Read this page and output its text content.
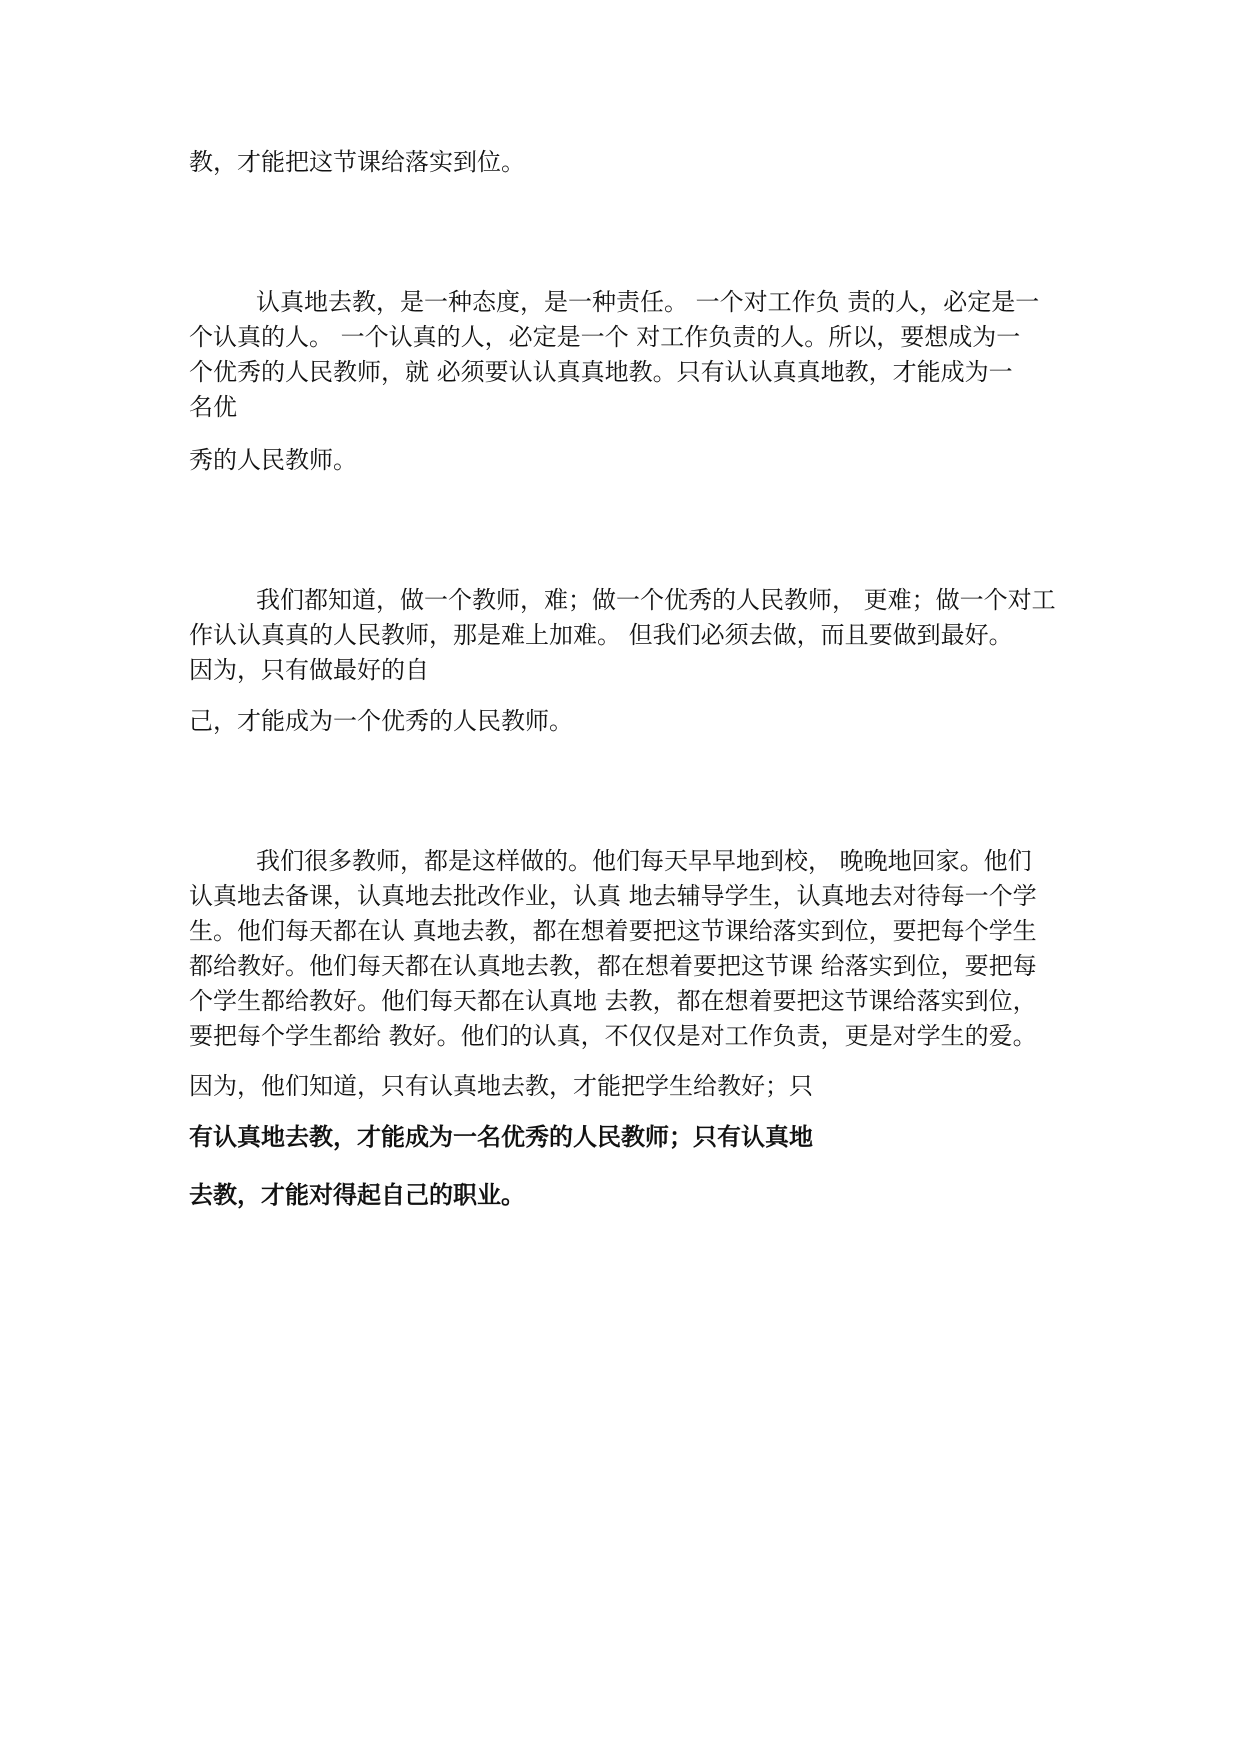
教，才能把这节课给落实到位。
认真地去教，是一种态度，是一种责任。 一个对工作负 责的人，必定是一
个认真的人。 一个认真的人，必定是一个 对工作负责的人。所以，要想成为一
个优秀的人民教师，就 必须要认认真真地教。只有认认真真地教，才能成为一
名优
秀的人民教师。
我们都知道，做一个教师，难；做一个优秀的人民教师， 更难；做一个对工
作认认真真的人民教师，那是难上加难。 但我们必须去做，而且要做到最好。
因为，只有做最好的自
己，才能成为一个优秀的人民教师。
我们很多教师，都是这样做的。他们每天早早地到校， 晚晚地回家。他们
认真地去备课，认真地去批改作业，认真 地去辅导学生，认真地去对待每一个学
生。他们每天都在认 真地去教，都在想着要把这节课给落实到位，要把每个学生
都给教好。他们每天都在认真地去教，都在想着要把这节课 给落实到位，要把每
个学生都给教好。他们每天都在认真地 去教，都在想着要把这节课给落实到位，
要把每个学生都给 教好。他们的认真，不仅仅是对工作负责，更是对学生的爱。
因为，他们知道，只有认真地去教，才能把学生给教好；只
有认真地去教，才能成为一名优秀的人民教师；只有认真地
去教，才能对得起自己的职业。
